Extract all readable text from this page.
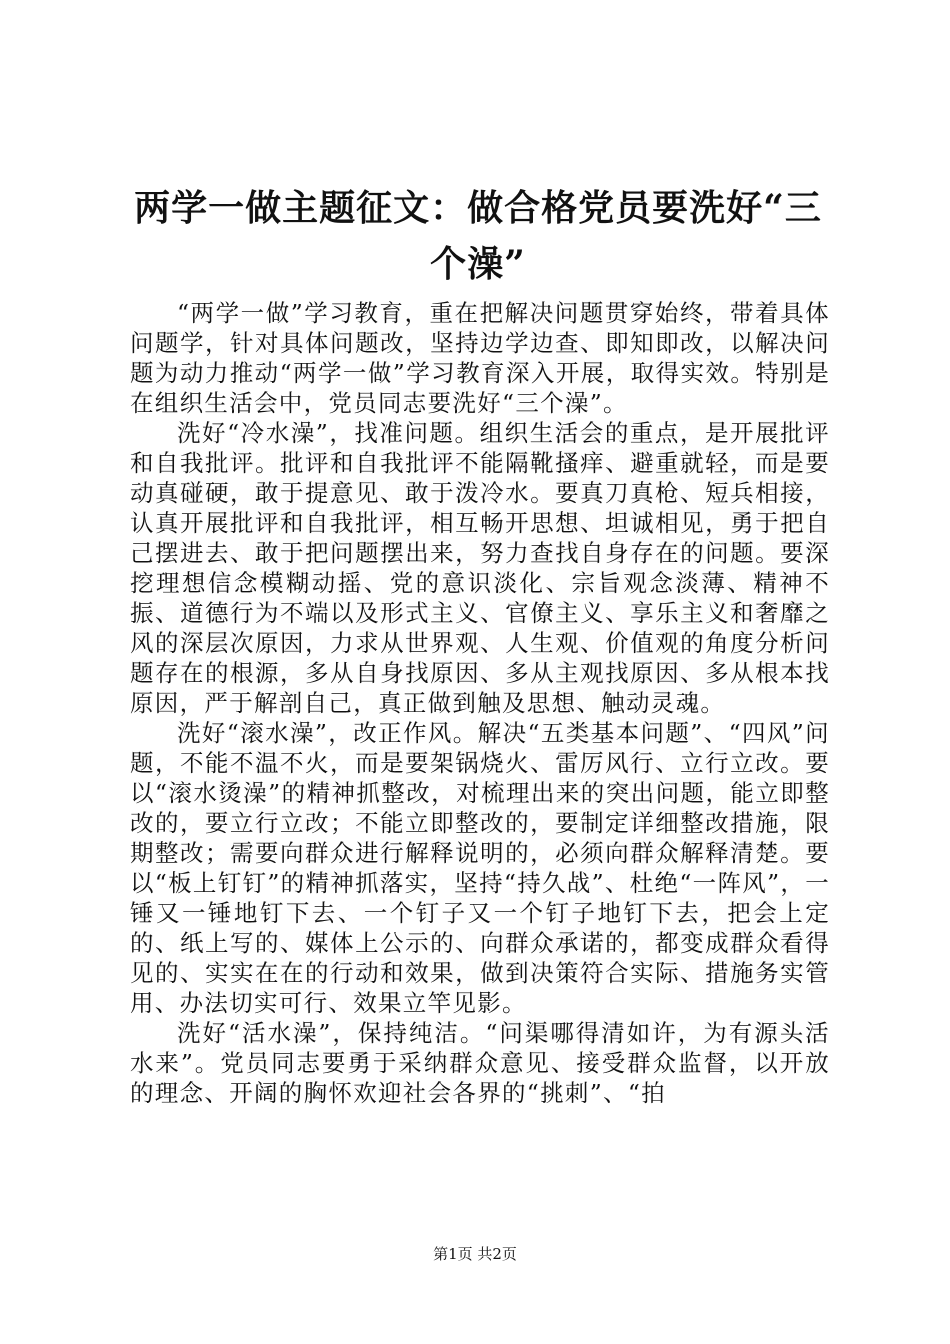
两学一做主题征文：做合格党员要洗好“三个澡”

“两学一做”学习教育，重在把解决问题贯穿始终，带着具体问题学，针对具体问题改，坚持边学边查、即知即改，以解决问题为动力推动“两学一做”学习教育深入开展，取得实效。特别是在组织生活会中，党员同志要洗好“三个澡”。

洗好“冷水澡”，找准问题。组织生活会的重点，是开展批评和自我批评。批评和自我批评不能隔靴搔痒、避重就轻，而是要动真碰硬，敢于提意见、敢于泼冷水。要真刀真枪、短兵相接，认真开展批评和自我批评，相互畅开思想、坦诚相见，勇于把自己摆进去、敢于把问题摆出来，努力查找自身存在的问题。要深挖理想信念模糊动摇、党的意识淡化、宗旨观念淡薄、精神不振、道德行为不端以及形式主义、官僚主义、享乐主义和奢靡之风的深层次原因，力求从世界观、人生观、价值观的角度分析问题存在的根源，多从自身找原因、多从主观找原因、多从根本找原因，严于解剖自己，真正做到触及思想、触动灵魂。

洗好“滚水澡”，改正作风。解决“五类基本问题”、“四风”问题，不能不温不火，而是要架锅烧火、雷厉风行、立行立改。要以“滚水烫澡”的精神抓整改，对梳理出来的突出问题，能立即整改的，要立行立改；不能立即整改的，要制定详细整改措施，限期整改；需要向群众进行解释说明的，必须向群众解释清楚。要以“板上钉钉”的精神抓落实，坚持“持久战”、杜绝“一阵风”，一锤又一锤地钉下去、一个钉子又一个钉子地钉下去，把会上定的、纸上写的、媒体上公示的、向群众承诺的，都变成群众看得见的、实实在在的行动和效果，做到决策符合实际、措施务实管用、办法切实可行、效果立竿见影。

洗好“活水澡”，保持纯洁。“问渠哪得清如许，为有源头活水来”。党员同志要勇于采纳群众意见、接受群众监督，以开放的理念、开阔的胸怀欢迎社会各界的“挑刺”、“拍

第1页 共2页
